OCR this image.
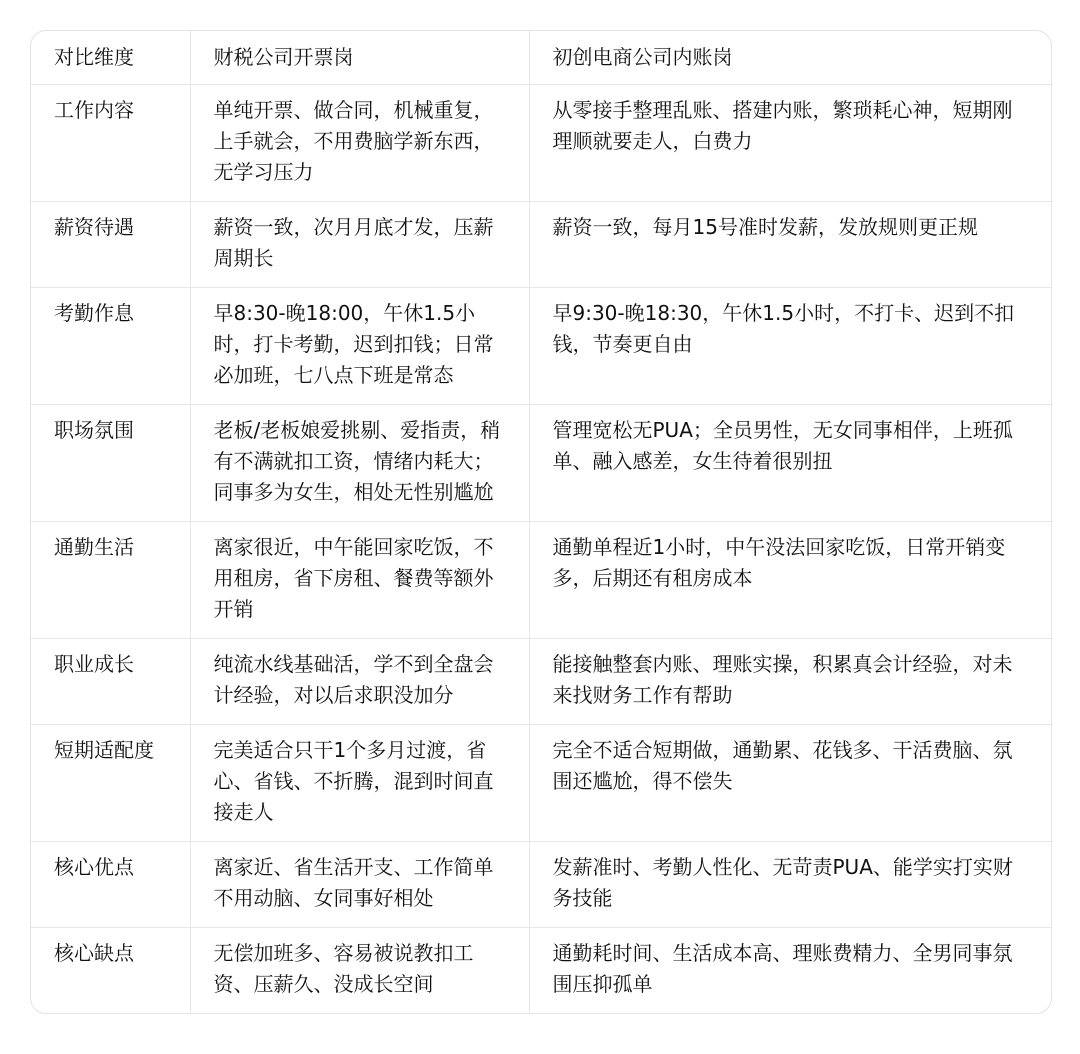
对比维度	财税公司开票岗	初创电商公司内账岗
工作内容	单纯开票、做合同，机械重复，上手就会，不用费脑学新东西，无学习压力	从零接手整理乱账、搭建内账，繁琐耗心神，短期刚理顺就要走人，白费力
薪资待遇	薪资一致，次月月底才发，压薪周期长	薪资一致，每月15号准时发薪，发放规则更正规
考勤作息	早8:30-晚18:00，午休1.5小时，打卡考勤，迟到扣钱；日常必加班，七八点下班是常态	早9:30-晚18:30，午休1.5小时，不打卡、迟到不扣钱，节奏更自由
职场氛围	老板/老板娘爱挑剔、爱指责，稍有不满就扣工资，情绪内耗大；同事多为女生，相处无性别尴尬	管理宽松无PUA；全员男性，无女同事相伴，上班孤单、融入感差，女生待着很别扭
通勤生活	离家很近，中午能回家吃饭，不用租房，省下房租、餐费等额外开销	通勤单程近1小时，中午没法回家吃饭，日常开销变多，后期还有租房成本
职业成长	纯流水线基础活，学不到全盘会计经验，对以后求职没加分	能接触整套内账、理账实操，积累真会计经验，对未来找财务工作有帮助
短期适配度	完美适合只干1个多月过渡，省心、省钱、不折腾，混到时间直接走人	完全不适合短期做，通勤累、花钱多、干活费脑、氛围还尴尬，得不偿失
核心优点	离家近、省生活开支、工作简单不用动脑、女同事好相处	发薪准时、考勤人性化、无苛责PUA、能学实打实财务技能
核心缺点	无偿加班多、容易被说教扣工资、压薪久、没成长空间	通勤耗时间、生活成本高、理账费精力、全男同事氛围压抑孤单
